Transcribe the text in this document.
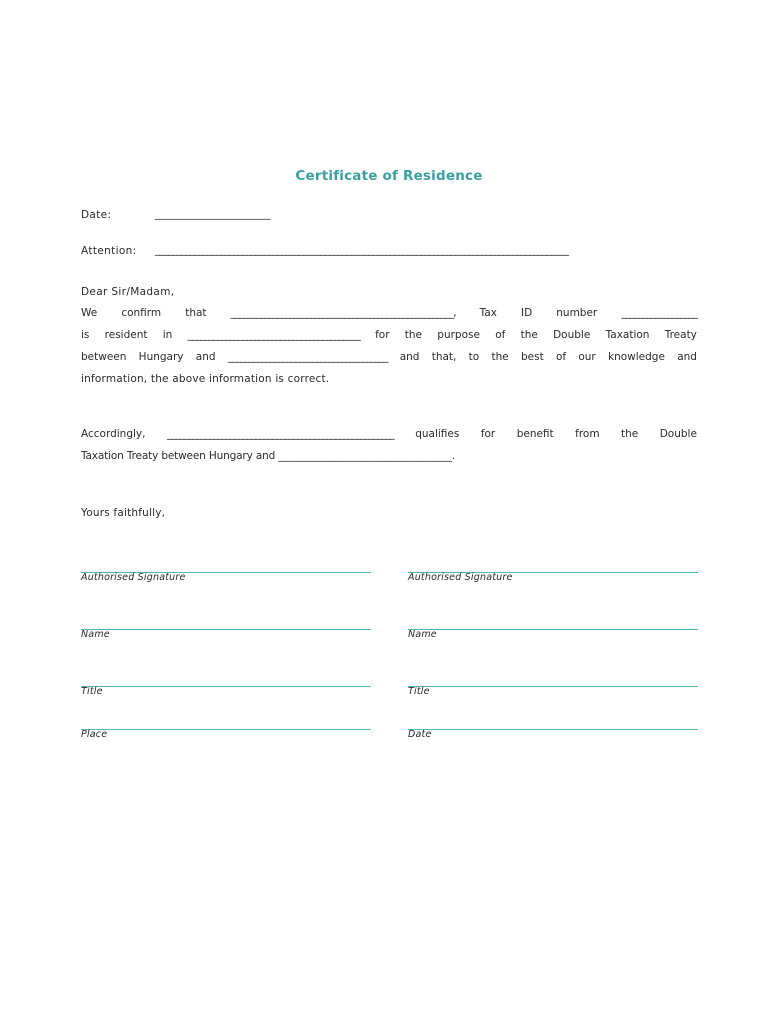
Certificate of Residence
Date:	______________________
Attention: _______________________________________________________________________________________________
Dear Sir/Madam,
We confirm that _____________________________________________________, Tax ID number __________________
is resident in _________________________________________ for the purpose of the Double Taxation Treaty
between Hungary and ______________________________________ and that, to the best of our knowledge and
information, the above information is correct.
Accordingly, ______________________________________________________ qualifies for benefit from the Double
Taxation Treaty between Hungary and __________________________________.
Yours faithfully,
Authorised Signature
Name
Title
Place
Authorised Signature
Name
Title
Date
